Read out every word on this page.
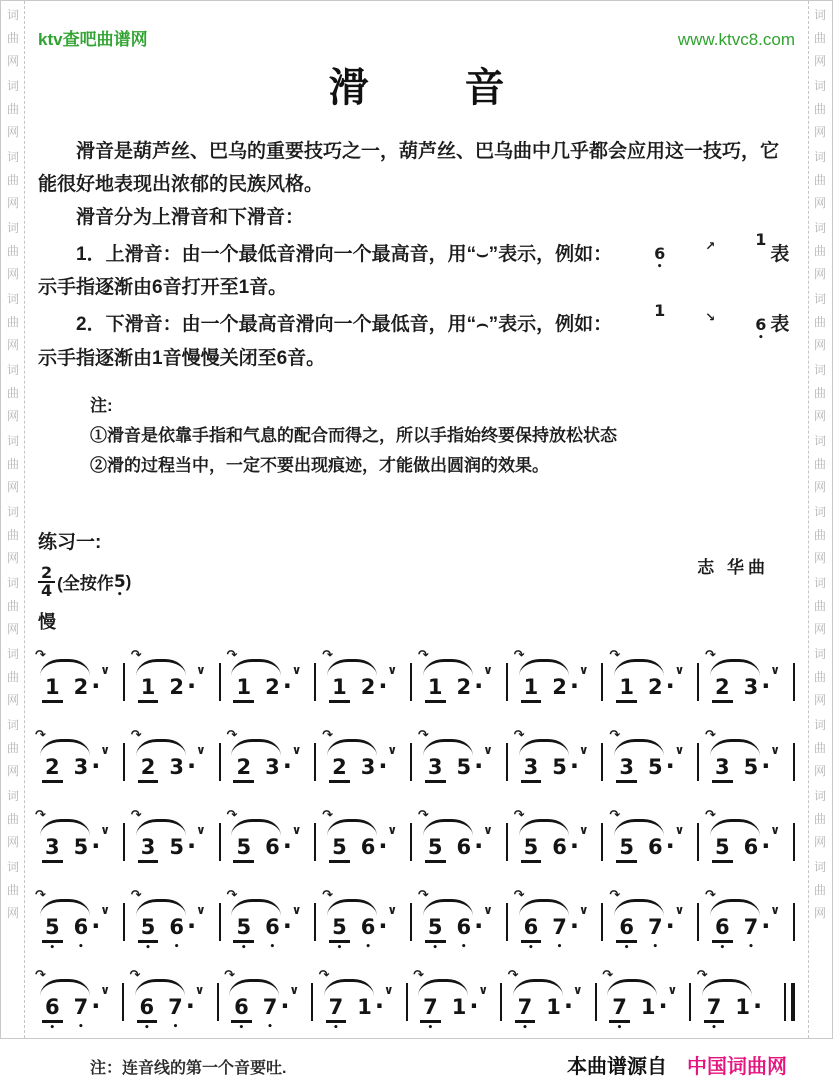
词
曲
网
词
曲
网
词
曲
网
词
曲
网
词
曲
网
词
曲
网
词
曲
网
词
曲
网
词
曲
网
词
曲
网
词
曲
网
词
曲
网
词
曲
网
词
曲
网
词
曲
网
词
曲
网
词
曲
网
词
曲
网
词
曲
网
词
曲
网
词
曲
网
词
曲
网
词
曲
网
词
曲
网
词
曲
网
词
曲
网
ktv查吧曲谱网	www.ktvc8.com
滑音
滑音是葫芦丝、巴乌的重要技巧之一，葫芦丝、巴乌曲中几乎都会应用这一技巧，它能很好地表现出浓郁的民族风格。
滑音分为上滑音和下滑音：
1．上滑音：由一个最低音滑向一个最高音，用“⌣”表示，例如：	6
•
↗	1
表示手指逐渐由6音打开至1音。
2．下滑音：由一个最高音滑向一个最低音，用“⌢”表示，例如：
1	↘	6
•
表示手指逐渐由1音慢慢关闭至6音。
注:
①滑音是依靠手指和气息的配合而得之，所以手指始终要保持放松状态
②滑的过程当中，一定不要出现痕迹，才能做出圆润的效果。
练习一:
志 华曲
$\frac{2}{4}$ (全按作 5
•
)
慢
↷
1 2 ·
∨
↷
1 2 ·
∨
↷
1 2 ·
∨
↷
1 2 ·
∨
↷
1 2 ·
∨
↷
1 2 ·
∨
↷
1 2 ·
∨
↷
2 3 ·
∨
↷
2 3 ·
∨
↷
2 3 ·
∨
↷
2 3 ·
∨
↷
2 3 ·
∨
↷
3 5 ·
∨
↷
3 5 ·
∨
↷
3 5 ·
∨
↷
3 5 ·
∨
↷
3 5 ·
∨
↷
3 5 ·
∨
↷
5 6 ·
∨
↷
5 6 ·
∨
↷
5 6 ·
∨
↷
5 6 ·
∨
↷
5 6 ·
∨
↷
5 6 ·
∨
↷
5
•
6
•
·
∨
↷
5
•
6
•
·
∨
↷
5
•
6
•
·
∨
↷
5
•
6
•
·
∨
↷
5
•
6
•
·
∨
↷
6
•
7
•
·
∨
↷
6
•
7
•
·
∨
↷
6
•
7
•
·
∨
↷
6
•
7
•
·
∨
↷
6
•
7
•
·
∨
↷
6
•
7
•
·
∨
↷
7
•
1 ·
∨
↷
7
•
1 ·
∨
↷
7
•
1 ·
∨
↷
7
•
1 ·
∨
↷
7
•
1 ·
注：连音线的第一个音要吐.	本曲谱源自 中国词曲网
